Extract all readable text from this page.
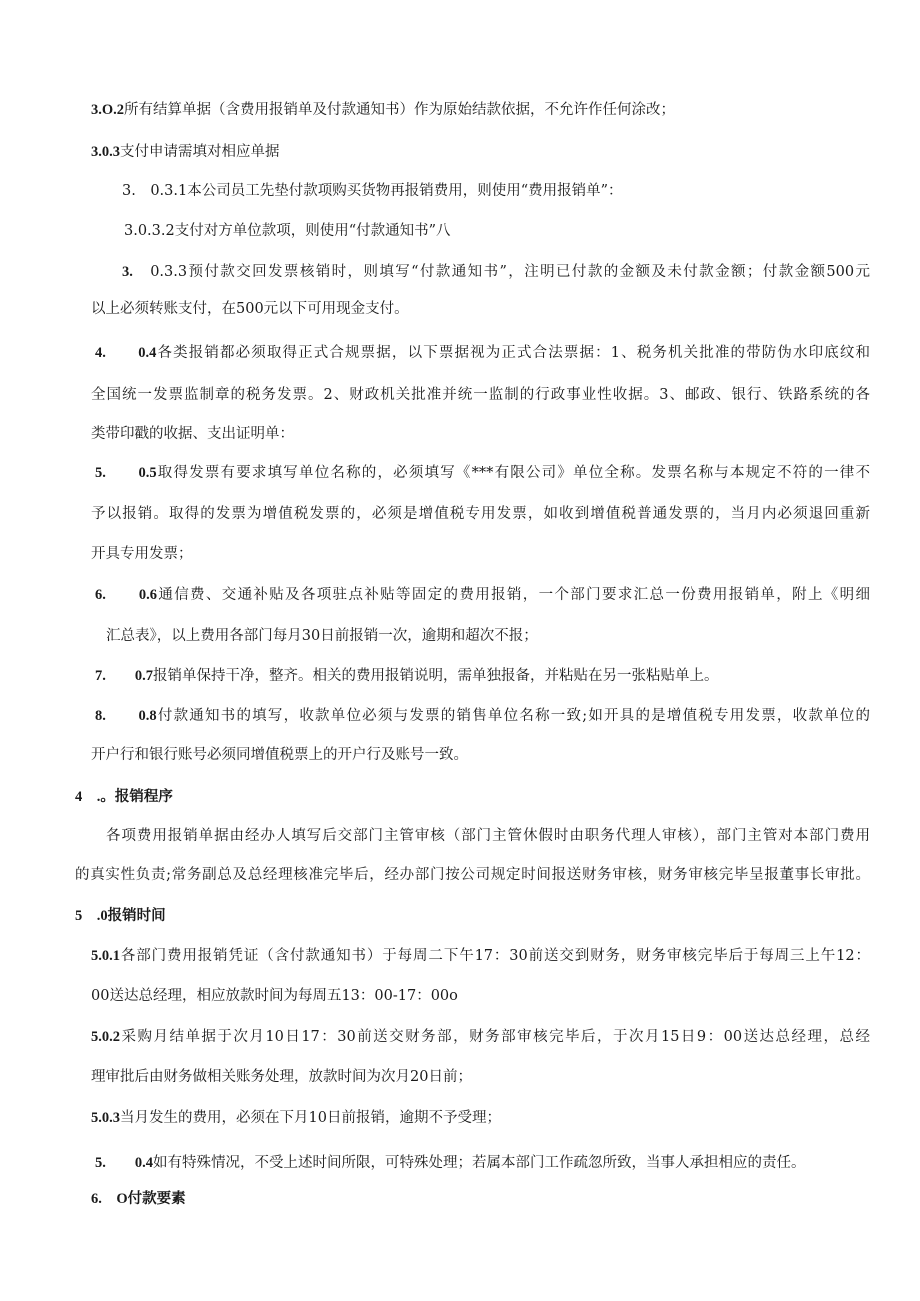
3.O.2所有结算单据（含费用报销单及付款通知书）作为原始结款依据，不允许作任何涂改；
3.0.3支付申请需填对相应单据
3.　0.3.1本公司员工先垫付款项购买货物再报销费用，则使用“费用报销单”：
3.0.3.2支付对方单位款项，则使用“付款通知书”八
3.　 0.3.3预付款交回发票核销时，则填写“付款通知书”，注明已付款的金额及未付款金额；付款金额500元
以上必须转账支付，在500元以下可用现金支付。
4.　　 0.4各类报销都必须取得正式合规票据，以下票据视为正式合法票据：1、税务机关批准的带防伪水印底纹和
全国统一发票监制章的税务发票。2、财政机关批准并统一监制的行政事业性收据。3、邮政、银行、铁路系统的各
类带印戳的收据、支出证明单：
5.　　 0.5取得发票有要求填写单位名称的，必须填写《***有限公司》单位全称。发票名称与本规定不符的一律不
予以报销。取得的发票为增值税发票的，必须是增值税专用发票，如收到增值税普通发票的，当月内必须退回重新
开具专用发票；
6.　　 0.6通信费、交通补贴及各项驻点补贴等固定的费用报销，一个部门要求汇总一份费用报销单，附上《明细
汇总表》，以上费用各部门每月30日前报销一次，逾期和超次不报；
7.　　 0.7报销单保持干净，整齐。相关的费用报销说明，需单独报备，并粘贴在另一张粘贴单上。
8.　　 0.8付款通知书的填写，收款单位必须与发票的销售单位名称一致;如开具的是增值税专用发票，收款单位的
开户行和银行账号必须同增值税票上的开户行及账号一致。
4　.。报销程序
各项费用报销单据由经办人填写后交部门主管审核（部门主管休假时由职务代理人审核），部门主管对本部门费用
的真实性负责;常务副总及总经理核准完毕后，经办部门按公司规定时间报送财务审核，财务审核完毕呈报董事长审批。
5　.0报销时间
5.0.1各部门费用报销凭证（含付款通知书）于每周二下午17：30前送交到财务，财务审核完毕后于每周三上午12：
00送达总经理，相应放款时间为每周五13：00-17：00o
5.0.2采购月结单据于次月10日17：30前送交财务部，财务部审核完毕后，于次月15日9：00送达总经理，总经
理审批后由财务做相关账务处理，放款时间为次月20日前；
5.0.3当月发生的费用，必须在下月10日前报销，逾期不予受理；
5.　　 0.4如有特殊情况，不受上述时间所限，可特殊处理；若属本部门工作疏忽所致，当事人承担相应的责任。
6.　O付款要素
